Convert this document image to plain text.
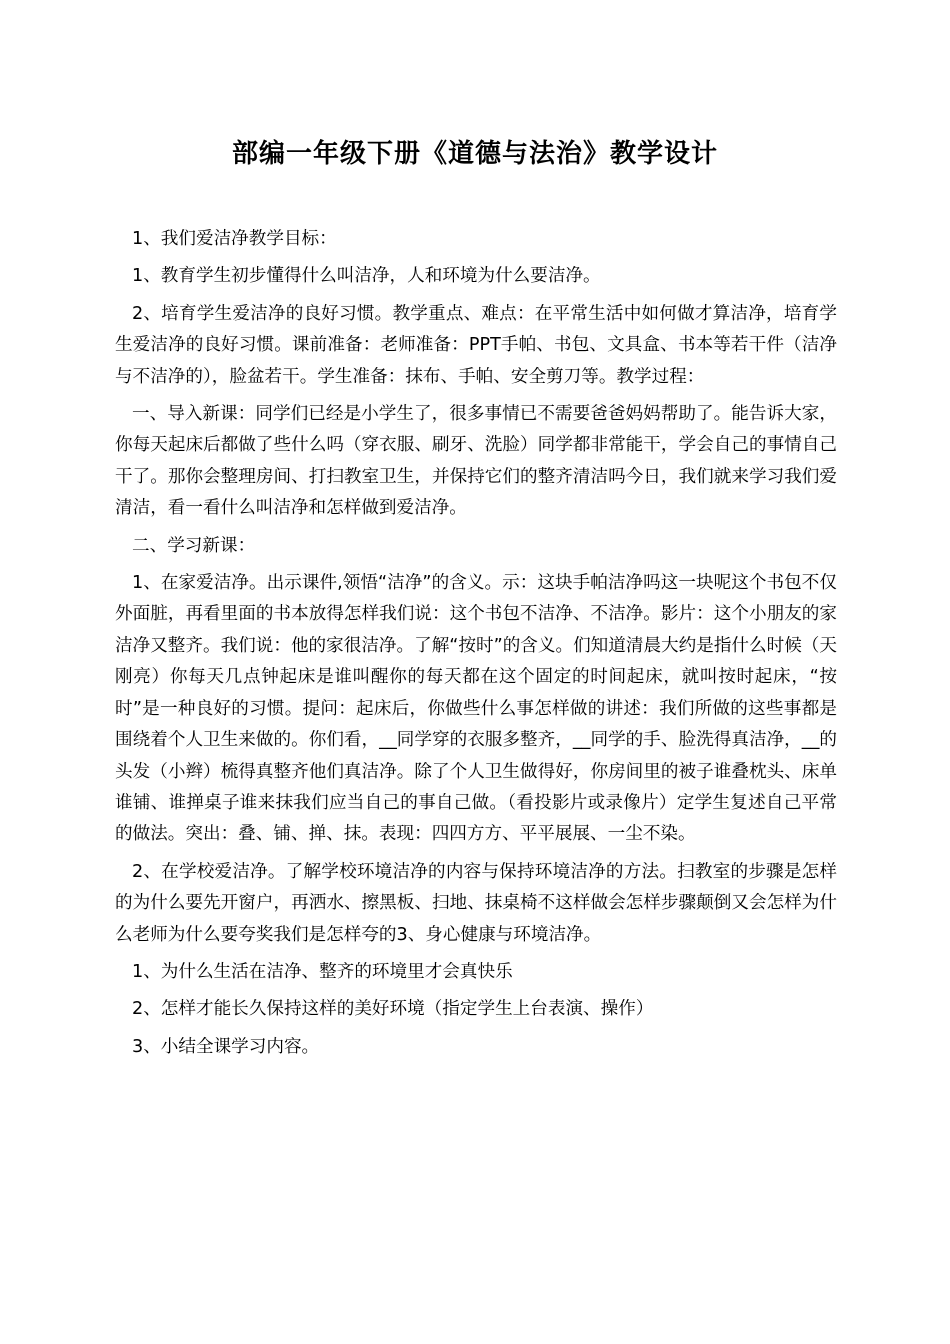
部编一年级下册《道德与法治》教学设计

1、我们爱洁净教学目标：

1、教育学生初步懂得什么叫洁净，人和环境为什么要洁净。

2、培育学生爱洁净的良好习惯。教学重点、难点：在平常生活中如何做才算洁净，培育学生爱洁净的良好习惯。课前准备：老师准备：PPT手帕、书包、文具盒、书本等若干件（洁净与不洁净的），脸盆若干。学生准备：抹布、手帕、安全剪刀等。教学过程：

一、导入新课：同学们已经是小学生了，很多事情已不需要爸爸妈妈帮助了。能告诉大家，你每天起床后都做了些什么吗（穿衣服、刷牙、洗脸）同学都非常能干，学会自己的事情自己干了。那你会整理房间、打扫教室卫生，并保持它们的整齐清洁吗今日，我们就来学习我们爱清洁，看一看什么叫洁净和怎样做到爱洁净。

二、学习新课：

1、在家爱洁净。出示课件,领悟“洁净”的含义。示：这块手帕洁净吗这一块呢这个书包不仅外面脏，再看里面的书本放得怎样我们说：这个书包不洁净、不洁净。影片：这个小朋友的家洁净又整齐。我们说：他的家很洁净。了解“按时”的含义。们知道清晨大约是指什么时候（天刚亮）你每天几点钟起床是谁叫醒你的每天都在这个固定的时间起床，就叫按时起床，“按时”是一种良好的习惯。提问：起床后，你做些什么事怎样做的讲述：我们所做的这些事都是围绕着个人卫生来做的。你们看，__同学穿的衣服多整齐，__同学的手、脸洗得真洁净，__的头发（小辫）梳得真整齐他们真洁净。除了个人卫生做得好，你房间里的被子谁叠枕头、床单谁铺、谁掸桌子谁来抹我们应当自己的事自己做。（看投影片或录像片）定学生复述自己平常的做法。突出：叠、铺、掸、抹。表现：四四方方、平平展展、一尘不染。

2、在学校爱洁净。了解学校环境洁净的内容与保持环境洁净的方法。扫教室的步骤是怎样的为什么要先开窗户，再洒水、擦黑板、扫地、抹桌椅不这样做会怎样步骤颠倒又会怎样为什么老师为什么要夸奖我们是怎样夸的3、身心健康与环境洁净。

1、为什么生活在洁净、整齐的环境里才会真快乐

2、怎样才能长久保持这样的美好环境（指定学生上台表演、操作）

3、小结全课学习内容。
